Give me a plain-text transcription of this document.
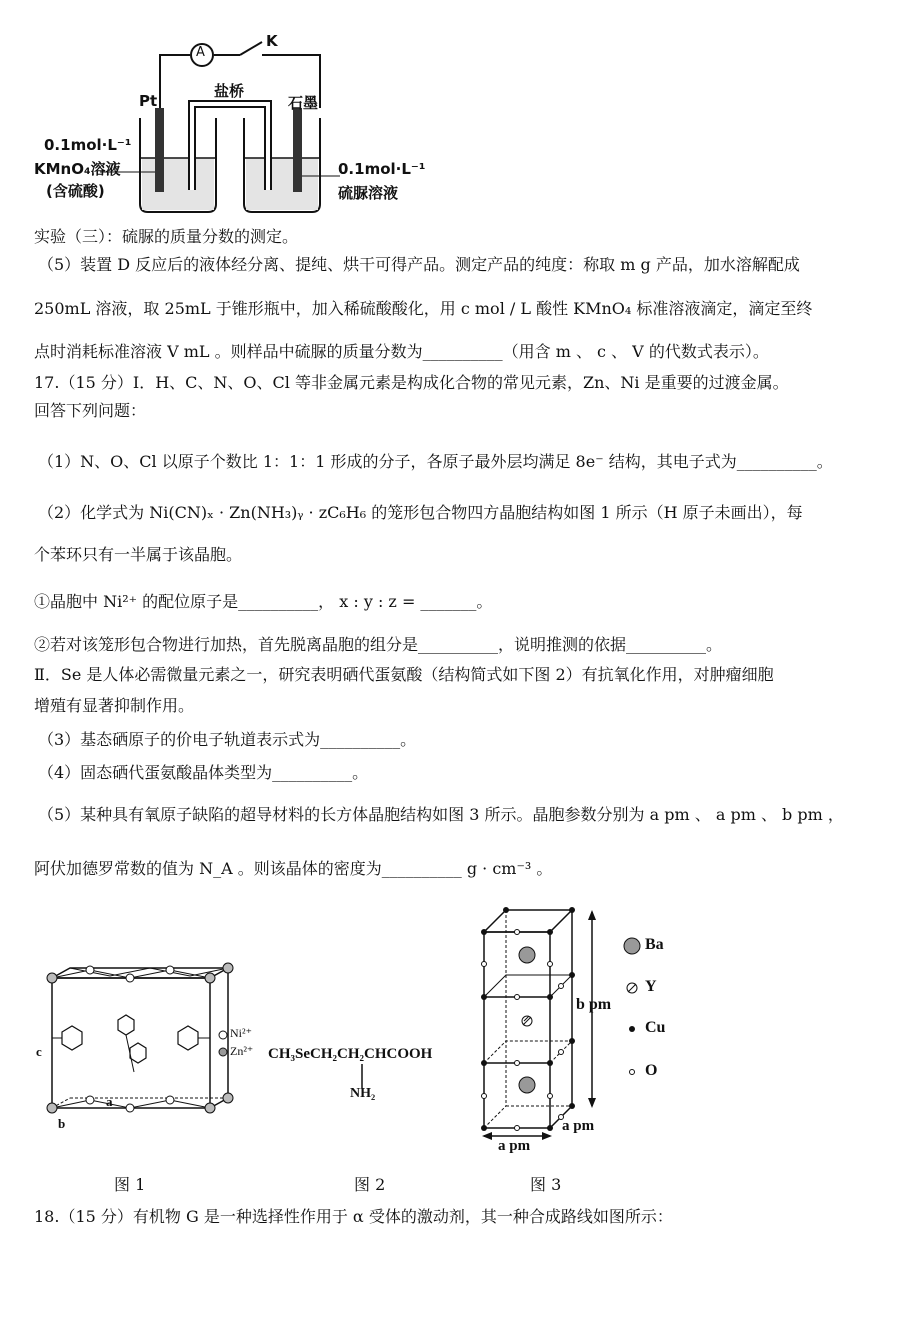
A
K
盐桥
Pt	石墨
0.1mol·L⁻¹
KMnO₄溶液
(含硫酸)
0.1mol·L⁻¹
硫脲溶液
实验（三）：硫脲的质量分数的测定。
（5）装置 D 反应后的液体经分离、提纯、烘干可得产品。测定产品的纯度：称取 m g 产品，加水溶解配成
250mL 溶液，取 25mL 于锥形瓶中，加入稀硫酸酸化，用 c mol / L 酸性 KMnO₄ 标准溶液滴定，滴定至终
点时消耗标准溶液 V mL 。则样品中硫脲的质量分数为__________（用含 m 、 c 、 V 的代数式表示）。
17.（15 分）Ⅰ．H、C、N、O、Cl 等非金属元素是构成化合物的常见元素，Zn、Ni 是重要的过渡金属。
回答下列问题：
（1）N、O、Cl 以原子个数比 1：1：1 形成的分子，各原子最外层均满足 8e⁻ 结构，其电子式为__________。
（2）化学式为 Ni(CN)ₓ · Zn(NH₃)ᵧ · zC₆H₆ 的笼形包合物四方晶胞结构如图 1 所示（H 原子未画出），每
个苯环只有一半属于该晶胞。
①晶胞中 Ni²⁺ 的配位原子是__________， x : y : z = _______。
②若对该笼形包合物进行加热，首先脱离晶胞的组分是__________，说明推测的依据__________。
Ⅱ．Se 是人体必需微量元素之一，研究表明硒代蛋氨酸（结构简式如下图 2）有抗氧化作用，对肿瘤细胞
增殖有显著抑制作用。
（3）基态硒原子的价电子轨道表示式为__________。
（4）固态硒代蛋氨酸晶体类型为__________。
（5）某种具有氧原子缺陷的超导材料的长方体晶胞结构如图 3 所示。晶胞参数分别为 a pm 、 a pm 、 b pm ，
阿伏加德罗常数的值为 N_A 。则该晶体的密度为__________ g · cm⁻³ 。
c
a
b
Ni²⁺
Zn²⁺
图 1
CH₃SeCH₂CH₂CHCOOH
NH₂
图 2
b pm
a pm
a pm
Ba
Y
Cu
O
图 3
18.（15 分）有机物 G 是一种选择性作用于 α 受体的激动剂，其一种合成路线如图所示：
